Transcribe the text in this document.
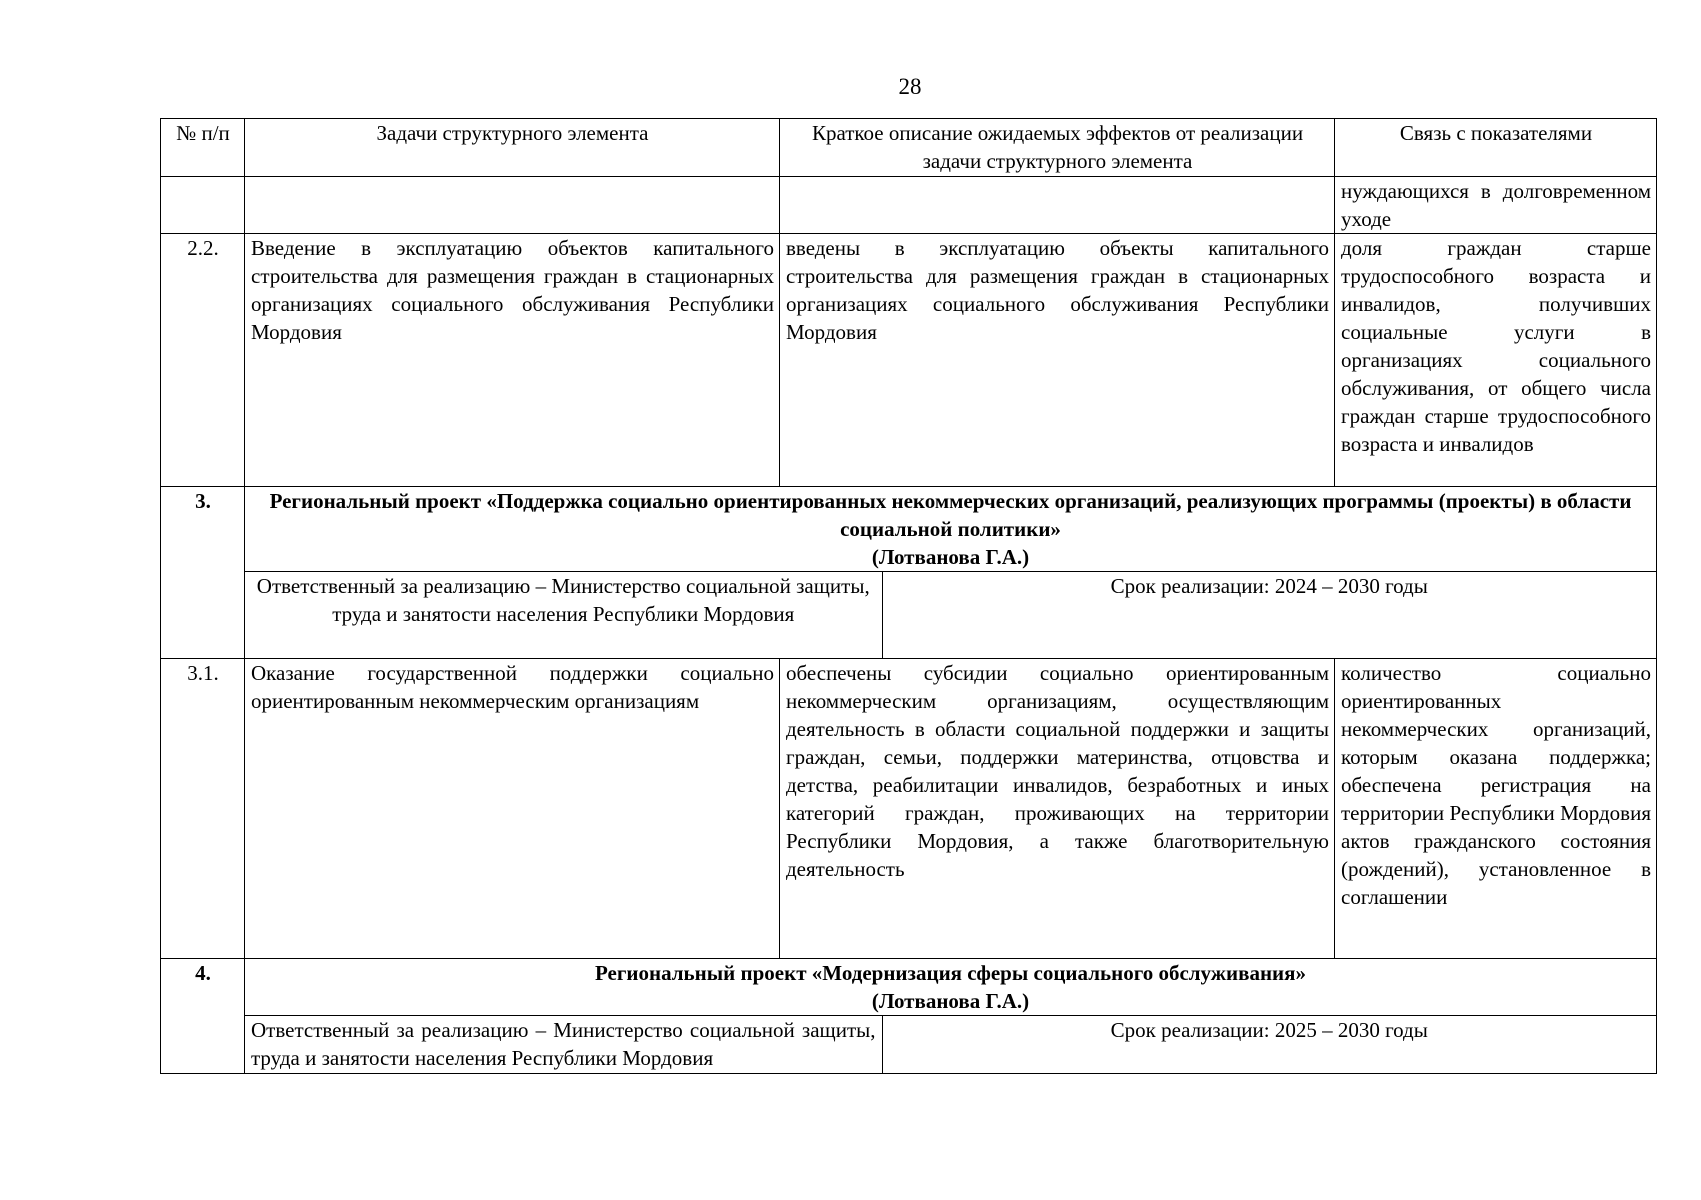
28
№ п/п	Задачи структурного элемента	Краткое описание ожидаемых эффектов от реализации задачи структурного элемента	Связь с показателями
			нуждающихся в долговременном уходе
2.2.	Введение в эксплуатацию объектов капитального строительства для размещения граждан в стационарных организациях социального обслуживания Республики Мордовия	введены в эксплуатацию объекты капитального строительства для размещения граждан в стационарных организациях социального обслуживания Республики Мордовия	доля граждан старше трудоспособного возраста и инвалидов, получивших социальные услуги в организациях социального обслуживания, от общего числа граждан старше трудоспособного возраста и инвалидов
3.	Региональный проект «Поддержка социально ориентированных некоммерческих организаций, реализующих программы (проекты) в области социальной политики»
(Лотванова Г.А.)
Ответственный за реализацию – Министерство социальной защиты, труда и занятости населения Республики Мордовия	Срок реализации: 2024 – 2030 годы

3.1.	Оказание государственной поддержки социально ориентированным некоммерческим организациям	обеспечены субсидии социально ориентированным некоммерческим организациям, осуществляющим деятельность в области социальной поддержки и защиты граждан, семьи, поддержки материнства, отцовства и детства, реабилитации инвалидов, безработных и иных категорий граждан, проживающих на территории Республики Мордовия, а также благотворительную деятельность	количество социально ориентированных некоммерческих организаций, которым оказана поддержка; обеспечена регистрация на территории Республики Мордовия актов гражданского состояния (рождений), установленное в соглашении
4.	Региональный проект «Модернизация сферы социального обслуживания»
(Лотванова Г.А.)
Ответственный за реализацию – Министерство социальной защиты, труда и занятости населения Республики Мордовия	Срок реализации: 2025 – 2030 годы
